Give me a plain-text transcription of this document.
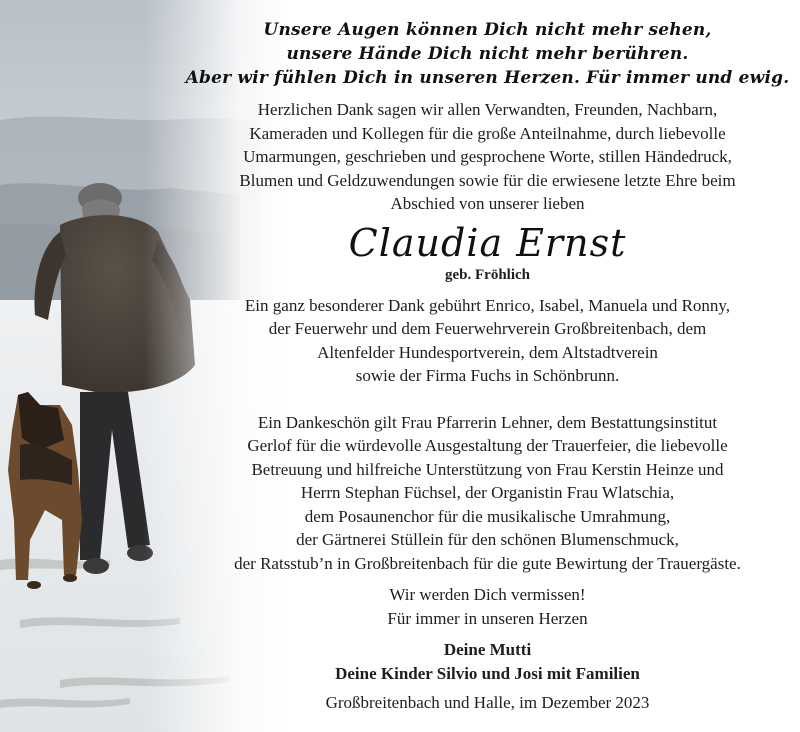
Unsere Augen können Dich nicht mehr sehen,
unsere Hände Dich nicht mehr berühren.
Aber wir fühlen Dich in unseren Herzen. Für immer und ewig.
Herzlichen Dank sagen wir allen Verwandten, Freunden, Nachbarn,
Kameraden und Kollegen für die große Anteilnahme, durch liebevolle
Umarmungen, geschrieben und gesprochene Worte, stillen Händedruck,
Blumen und Geldzuwendungen sowie für die erwiesene letzte Ehre beim
Abschied von unserer lieben
Claudia Ernst
geb. Fröhlich
Ein ganz besonderer Dank gebührt Enrico, Isabel, Manuela und Ronny,
der Feuerwehr und dem Feuerwehrverein Großbreitenbach, dem
Altenfelder Hundesportverein, dem Altstadtverein
sowie der Firma Fuchs in Schönbrunn.
Ein Dankeschön gilt Frau Pfarrerin Lehner, dem Bestattungsinstitut
Gerlof für die würdevolle Ausgestaltung der Trauerfeier, die liebevolle
Betreuung und hilfreiche Unterstützung von Frau Kerstin Heinze und
Herrn Stephan Füchsel, der Organistin Frau Wlatschia,
dem Posaunenchor für die musikalische Umrahmung,
der Gärtnerei Stüllein für den schönen Blumenschmuck,
der Ratsstub’n in Großbreitenbach für die gute Bewirtung der Trauergäste.
Wir werden Dich vermissen!
Für immer in unseren Herzen
Deine Mutti
Deine Kinder Silvio und Josi mit Familien
Großbreitenbach und Halle, im Dezember 2023
